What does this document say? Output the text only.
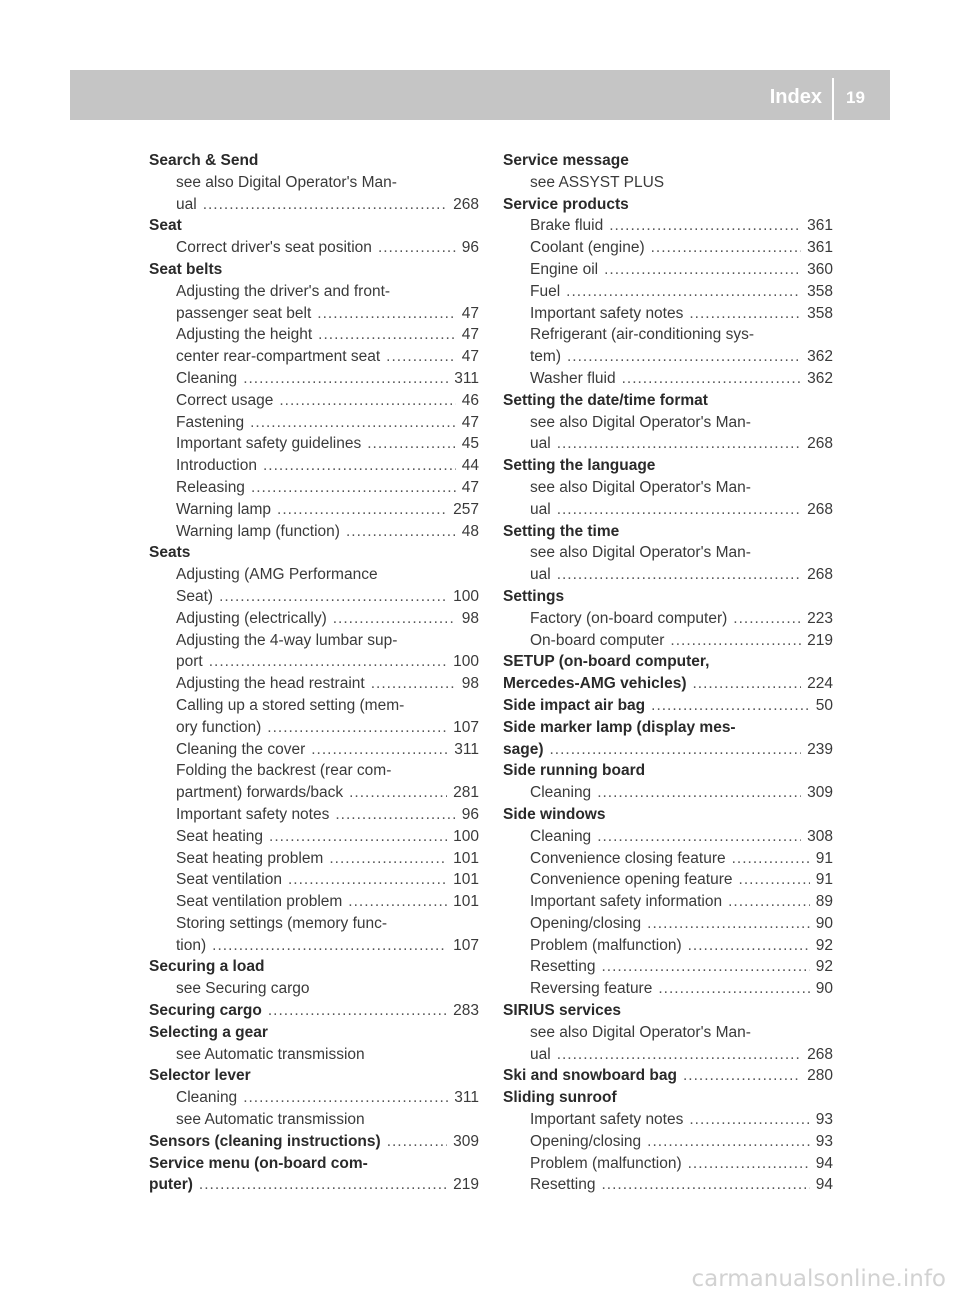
Index 19
Search & Send
see also Digital Operator's Man-
ual .....	268
Seat
Correct driver's seat position .....	96
Seat belts
Adjusting the driver's and front-
passenger seat belt .....	47
Adjusting the height .....	47
center rear-compartment seat .....	47
Cleaning .....	311
Correct usage .....	46
Fastening .....	47
Important safety guidelines .....	45
Introduction .....	44
Releasing .....	47
Warning lamp .....	257
Warning lamp (function) .....	48
Seats
Adjusting (AMG Performance
Seat) .....	100
Adjusting (electrically) .....	98
Adjusting the 4-way lumbar sup-
port .....	100
Adjusting the head restraint .....	98
Calling up a stored setting (mem-
ory function) .....	107
Cleaning the cover .....	311
Folding the backrest (rear com-
partment) forwards/back .....	281
Important safety notes .....	96
Seat heating .....	100
Seat heating problem .....	101
Seat ventilation .....	101
Seat ventilation problem .....	101
Storing settings (memory func-
tion) .....	107
Securing a load
see Securing cargo
Securing cargo .....	283
Selecting a gear
see Automatic transmission
Selector lever
Cleaning .....	311
see Automatic transmission
Sensors (cleaning instructions) .....	309
Service menu (on-board com-
puter) .....	219
Service message
see ASSYST PLUS
Service products
Brake fluid .....	361
Coolant (engine) .....	361
Engine oil .....	360
Fuel .....	358
Important safety notes .....	358
Refrigerant (air-conditioning sys-
tem) .....	362
Washer fluid .....	362
Setting the date/time format
see also Digital Operator's Man-
ual .....	268
Setting the language
see also Digital Operator's Man-
ual .....	268
Setting the time
see also Digital Operator's Man-
ual .....	268
Settings
Factory (on-board computer) .....	223
On-board computer .....	219
SETUP (on-board computer,
Mercedes-AMG vehicles) .....	224
Side impact air bag .....	50
Side marker lamp (display mes-
sage) .....	239
Side running board
Cleaning .....	309
Side windows
Cleaning .....	308
Convenience closing feature .....	91
Convenience opening feature .....	91
Important safety information .....	89
Opening/closing .....	90
Problem (malfunction) .....	92
Resetting .....	92
Reversing feature .....	90
SIRIUS services
see also Digital Operator's Man-
ual .....	268
Ski and snowboard bag .....	280
Sliding sunroof
Important safety notes .....	93
Opening/closing .....	93
Problem (malfunction) .....	94
Resetting .....	94
carmanualsonline.info
